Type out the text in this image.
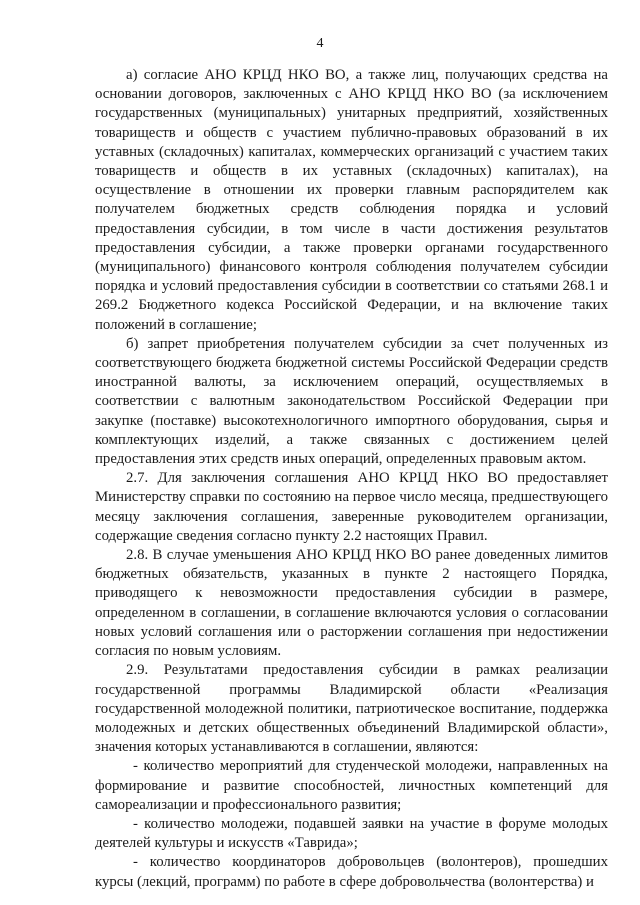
4

а) согласие АНО КРЦД НКО ВО, а также лиц, получающих средства на основании договоров, заключенных с АНО КРЦД НКО ВО (за исключением государственных (муниципальных) унитарных предприятий, хозяйственных товариществ и обществ с участием публично-правовых образований в их уставных (складочных) капиталах, коммерческих организаций с участием таких товариществ и обществ в их уставных (складочных) капиталах), на осуществление в отношении их проверки главным распорядителем как получателем бюджетных средств соблюдения порядка и условий предоставления субсидии, в том числе в части достижения результатов предоставления субсидии, а также проверки органами государственного (муниципального) финансового контроля соблюдения получателем субсидии порядка и условий предоставления субсидии в соответствии со статьями 268.1 и 269.2 Бюджетного кодекса Российской Федерации, и на включение таких положений в соглашение;

б) запрет приобретения получателем субсидии за счет полученных из соответствующего бюджета бюджетной системы Российской Федерации средств иностранной валюты, за исключением операций, осуществляемых в соответствии с валютным законодательством Российской Федерации при закупке (поставке) высокотехнологичного импортного оборудования, сырья и комплектующих изделий, а также связанных с достижением целей предоставления этих средств иных операций, определенных правовым актом.

2.7. Для заключения соглашения АНО КРЦД НКО ВО предоставляет Министерству справки по состоянию на первое число месяца, предшествующего месяцу заключения соглашения, заверенные руководителем организации, содержащие сведения согласно пункту 2.2 настоящих Правил.

2.8. В случае уменьшения АНО КРЦД НКО ВО ранее доведенных лимитов бюджетных обязательств, указанных в пункте 2 настоящего Порядка, приводящего к невозможности предоставления субсидии в размере, определенном в соглашении, в соглашение включаются условия о согласовании новых условий соглашения или о расторжении соглашения при недостижении согласия по новым условиям.

2.9. Результатами предоставления субсидии в рамках реализации государственной программы Владимирской области «Реализация государственной молодежной политики, патриотическое воспитание, поддержка молодежных и детских общественных объединений Владимирской области», значения которых устанавливаются в соглашении, являются:

- количество мероприятий для студенческой молодежи, направленных на формирование и развитие способностей, личностных компетенций для самореализации и профессионального развития;

- количество молодежи, подавшей заявки на участие в форуме молодых деятелей культуры и искусств «Таврида»;

- количество координаторов добровольцев (волонтеров), прошедших курсы (лекций, программ) по работе в сфере добровольчества (волонтерства) и
